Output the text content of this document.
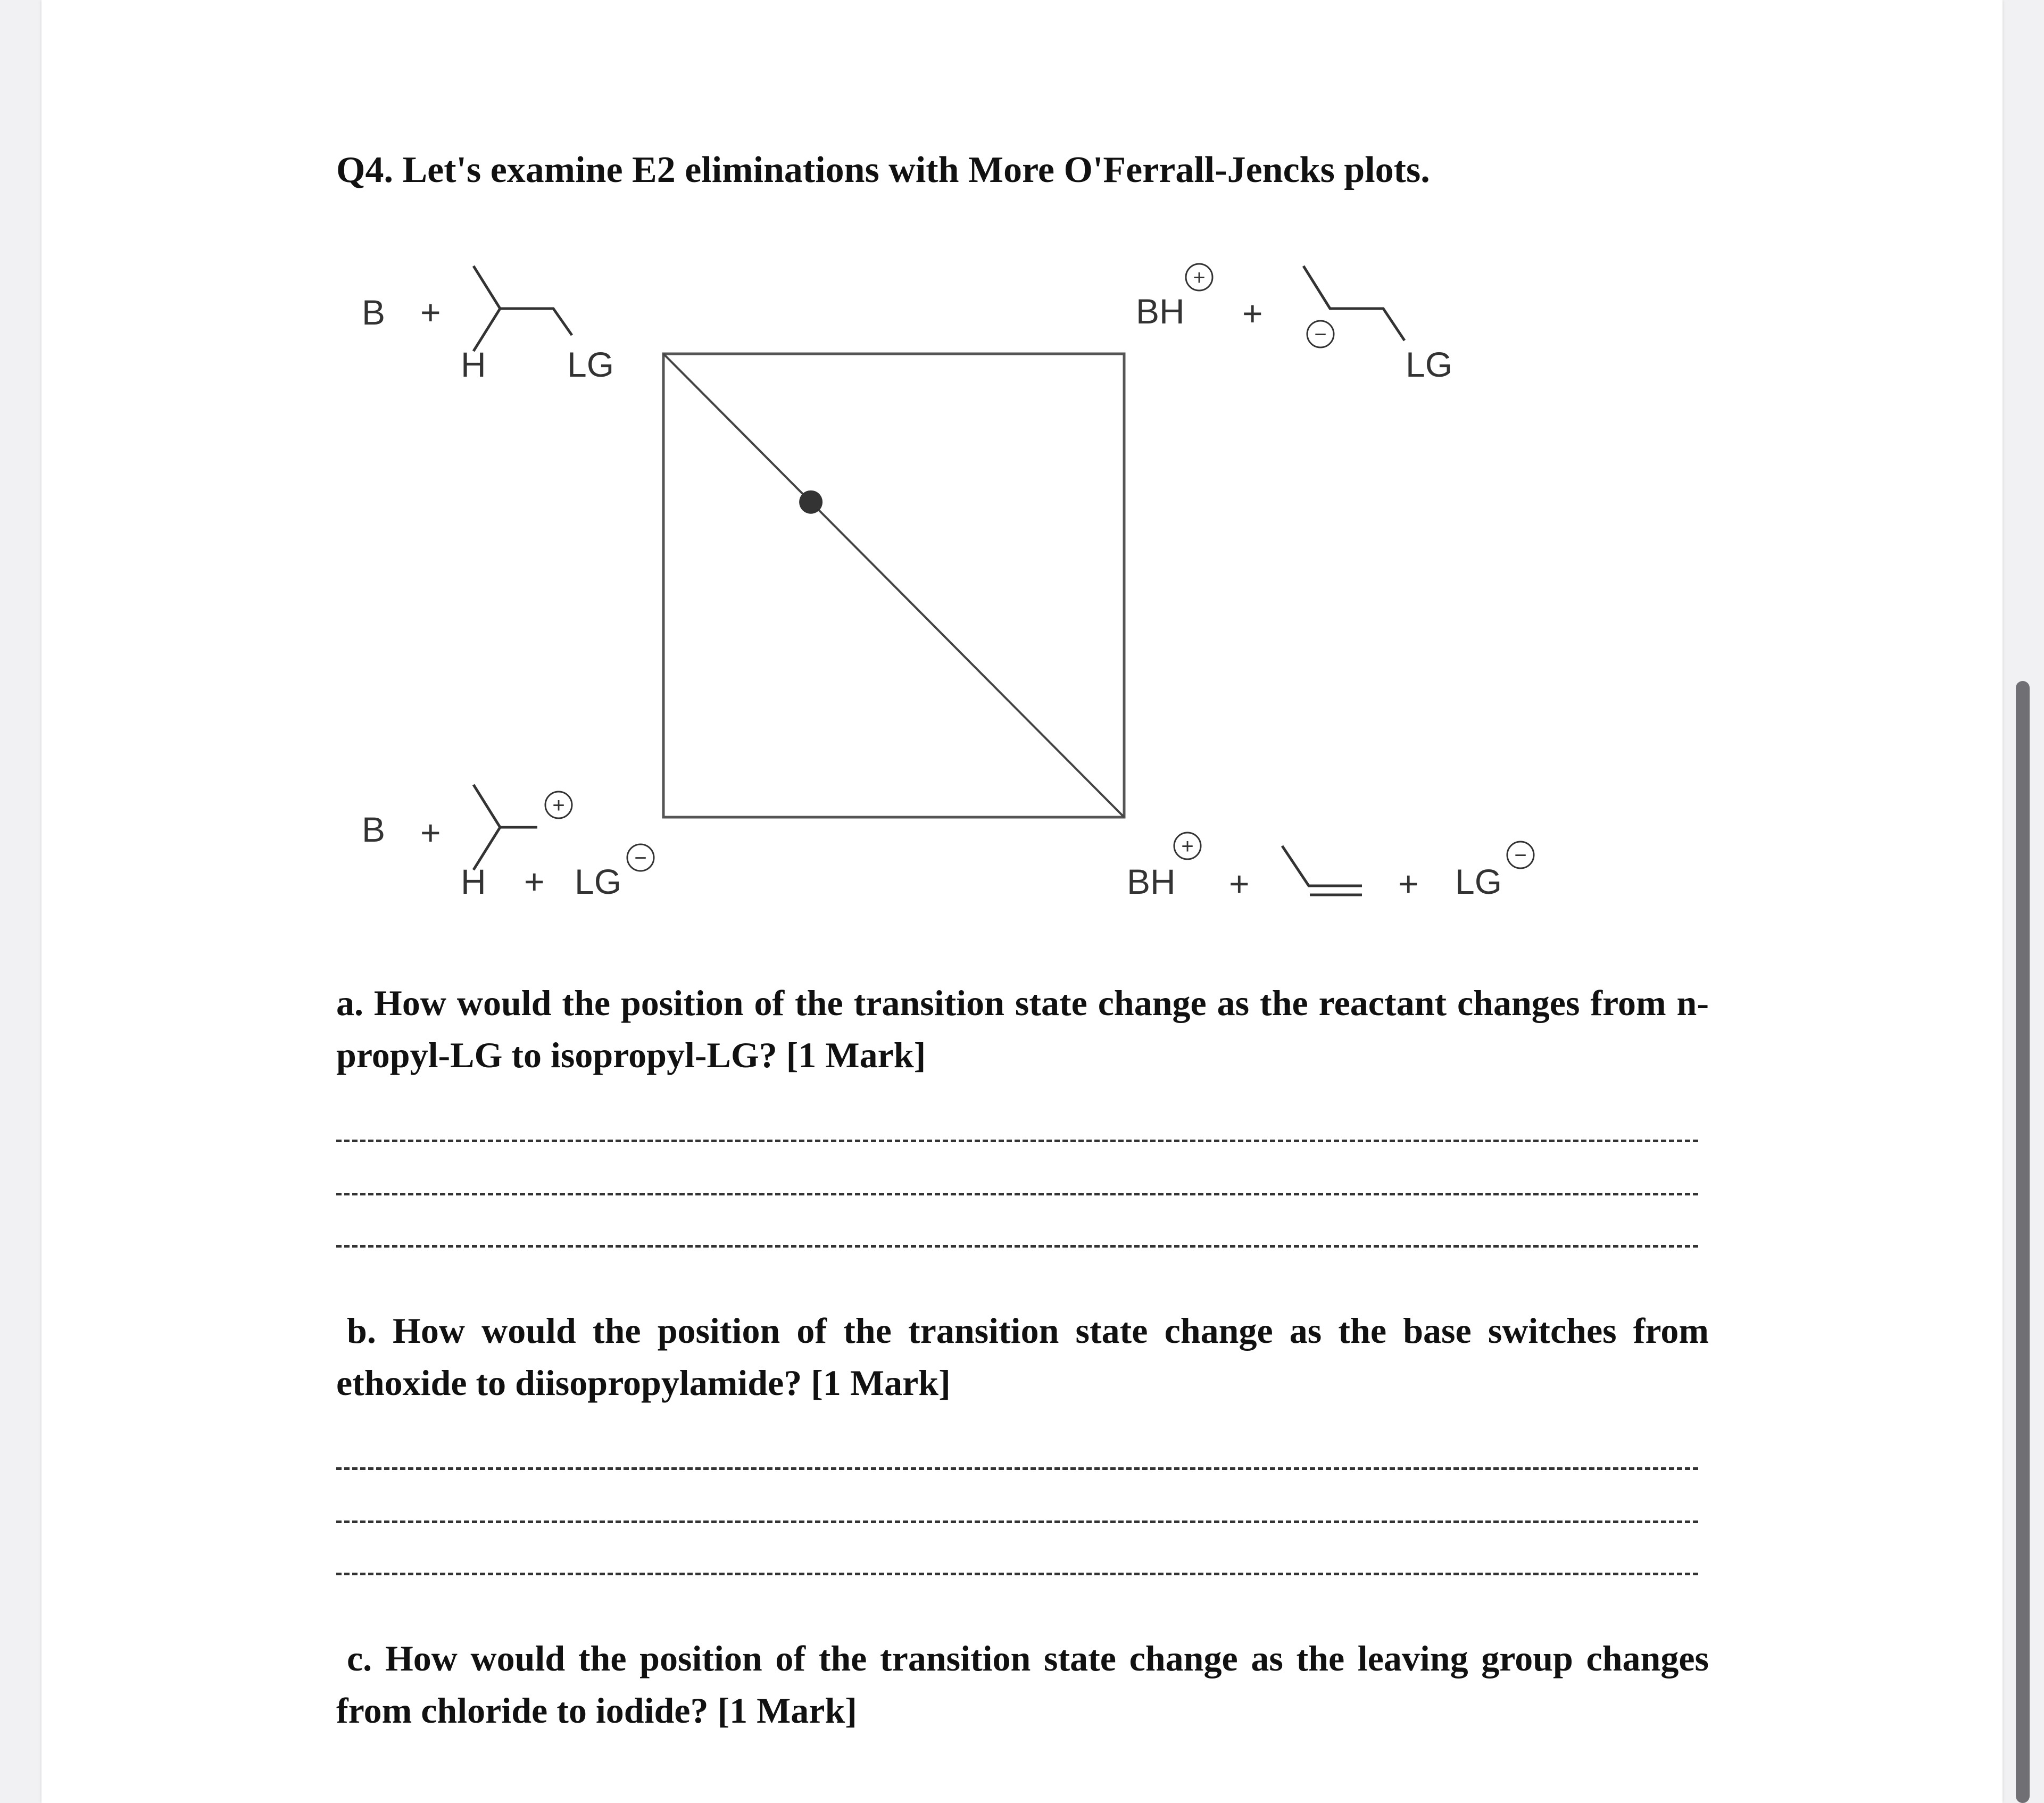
Q4. Let's examine E2 eliminations with More O'Ferrall-Jencks plots.
B +
H LG
BH
+
+
−
LG
B +
+
H + LG
−
BH
+
+	+ LG
−

a. How would the position of the transition state change as the reactant changes from n-propyl-LG to isopropyl-LG? [1 Mark]

b. How would the position of the transition state change as the base switches from ethoxide to diisopropylamide? [1 Mark]

c. How would the position of the transition state change as the leaving group changes from chloride to iodide? [1 Mark]
